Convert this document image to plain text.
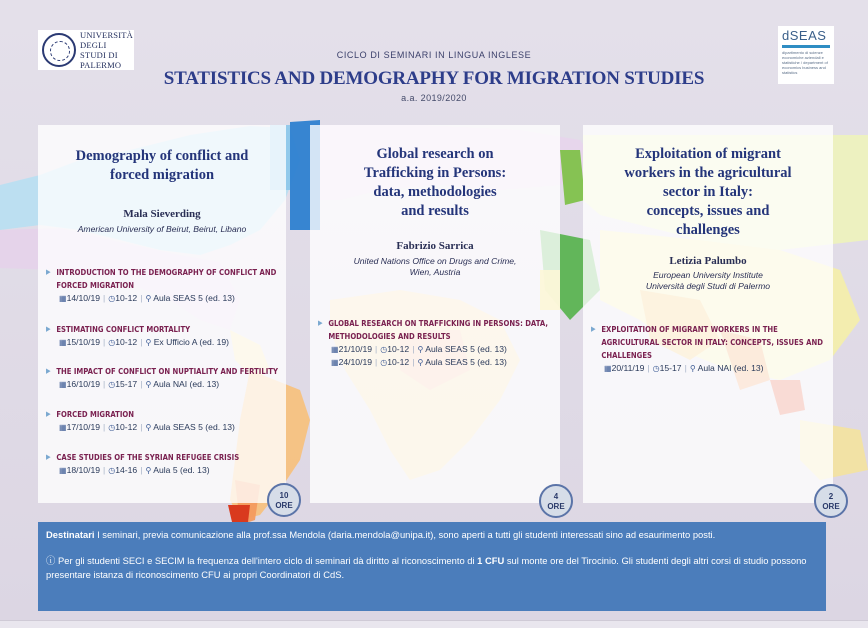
UNIVERSITÀ DEGLI STUDI DI PALERMO
dSEAS
dipartimento di scienze economiche aziendali e statistiche / department of economics business and statistics
CICLO DI SEMINARI IN LINGUA INGLESE
STATISTICS AND DEMOGRAPHY FOR MIGRATION STUDIES
a.a. 2019/2020
Demography of conflict and
forced migration
Mala Sieverding
American University of Beirut, Beirut, Libano
▶ INTRODUCTION TO THE DEMOGRAPHY OF CONFLICT AND
FORCED MIGRATION
▦14/10/19 | ◷10-12 | ⚲ Aula SEAS 5 (ed. 13)
▶ ESTIMATING CONFLICT MORTALITY
▦15/10/19 | ◷10-12 | ⚲ Ex Ufficio A (ed. 19)
▶ THE IMPACT OF CONFLICT ON NUPTIALITY AND FERTILITY
▦16/10/19 | ◷15-17 | ⚲ Aula NAI (ed. 13)
▶ FORCED MIGRATION
▦17/10/19 | ◷10-12 | ⚲ Aula SEAS 5 (ed. 13)
▶ CASE STUDIES OF THE SYRIAN REFUGEE CRISIS
▦18/10/19 | ◷14-16 | ⚲ Aula 5 (ed. 13)
Global research on
Trafficking in Persons:
data, methodologies
and results
Fabrizio Sarrica
United Nations Office on Drugs and Crime,
Wien, Austria
▶ GLOBAL RESEARCH ON TRAFFICKING IN PERSONS: DATA,
METHODOLOGIES AND RESULTS
▦21/10/19 | ◷10-12 | ⚲ Aula SEAS 5 (ed. 13)
▦24/10/19 | ◷10-12 | ⚲ Aula SEAS 5 (ed. 13)
Exploitation of migrant
workers in the agricultural
sector in Italy:
concepts, issues and
challenges
Letizia Palumbo
European University Institute
Università degli Studi di Palermo
▶ EXPLOITATION OF MIGRANT WORKERS IN THE
AGRICULTURAL SECTOR IN ITALY: CONCEPTS, ISSUES AND
CHALLENGES
▦20/11/19 | ◷15-17 | ⚲ Aula NAI (ed. 13)
10
ORE
4
ORE
2
ORE

Destinatari I seminari, previa comunicazione alla prof.ssa Mendola (daria.mendola@unipa.it), sono aperti a tutti gli studenti interessati sino ad esaurimento posti.

ⓘ Per gli studenti SECI e SECIM la frequenza dell'intero ciclo di seminari dà diritto al riconoscimento di 1 CFU sul monte ore del Tirocinio. Gli studenti degli altri corsi di studio possono presentare istanza di riconoscimento CFU ai propri Coordinatori di CdS.
